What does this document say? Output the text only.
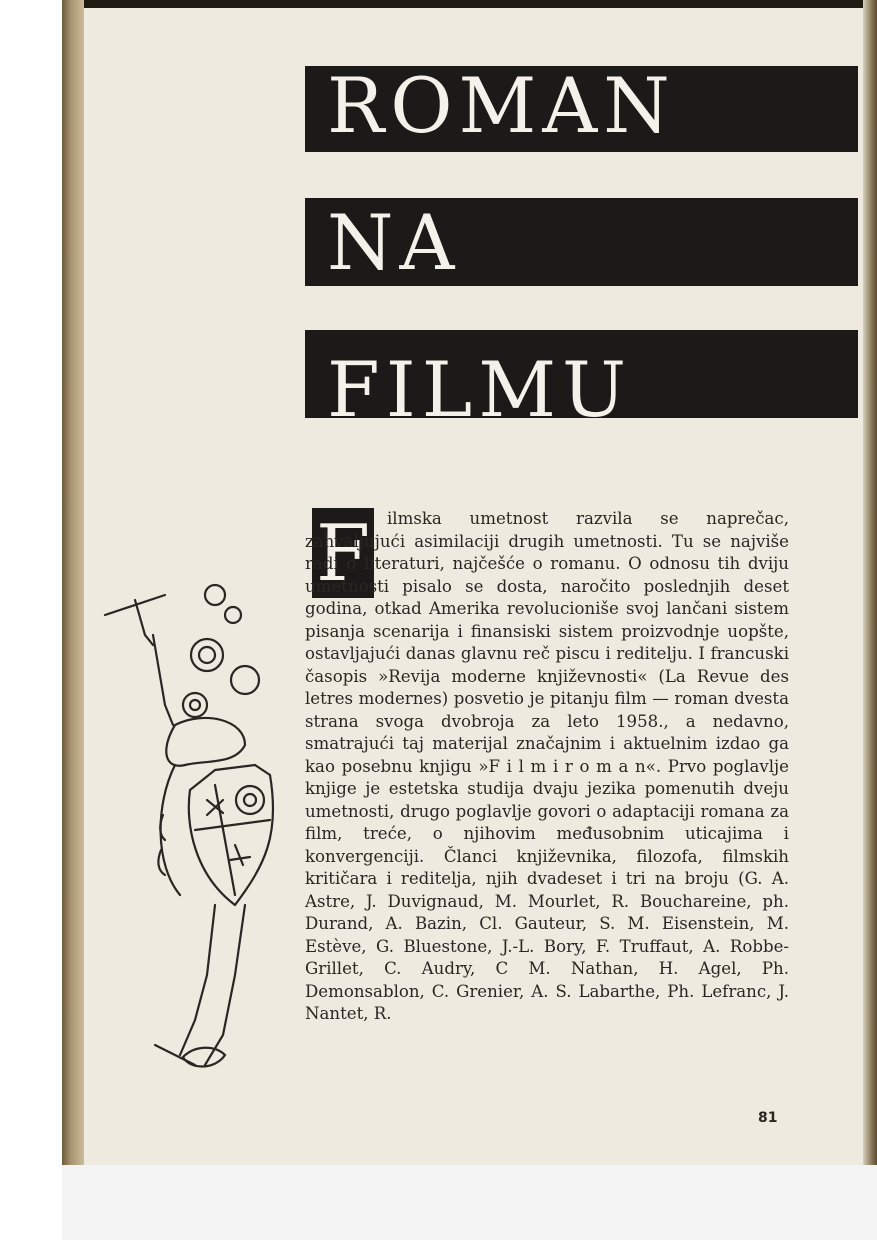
ROMAN
NA
FILMU
F	ilmska umetnost razvila se naprečac, zahvaljujući asimilaciji drugih umetnosti. Tu se najviše radi o literaturi, najčešće o romanu. O odnosu tih dviju umetnosti pisalo se dosta, naročito poslednjih deset godina, otkad Amerika revolucioniše svoj lančani sistem pisanja scenarija i finansiski sistem proizvodnje uopšte, ostavljajući danas glavnu reč piscu i reditelju. I francuski časopis »Revija moderne književnosti« (La Revue des letres modernes) posvetio je pitanju film — roman dvesta strana svoga dvobroja za leto 1958., a nedavno, smatrajući taj materijal značajnim i aktuelnim izdao ga kao posebnu knjigu »F i l m i r o m a n«. Prvo poglavlje knjige je estetska studija dvaju jezika pomenutih dveju umetnosti, drugo poglavlje govori o adaptaciji romana za film, treće, o njihovim međusobnim uticajima i konvergenciji. Članci književnika, filozofa, filmskih kritičara i reditelja, njih dvadeset i tri na broju (G. A. Astre, J. Duvignaud, M. Mourlet, R. Bouchareine, ph. Durand, A. Bazin, Cl. Gauteur, S. M. Eisenstein, M. Estève, G. Bluestone, J.-L. Bory, F. Truffaut, A. Robbe-Grillet, C. Audry, C M. Nathan, H. Agel, Ph. Demonsablon, C. Grenier, A. S. Labarthe, Ph. Lefranc, J. Nantet, R.

81
